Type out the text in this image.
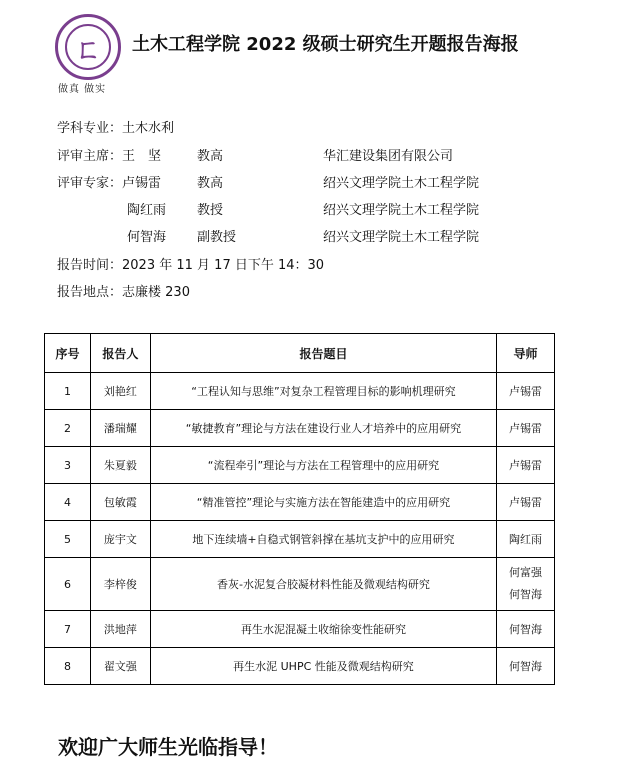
ㄈ
做真 做实
土木工程学院 2022 级硕士研究生开题报告海报
学科专业：土木水利
评审主席：王　坚	教高	华汇建设集团有限公司
评审专家：卢锡雷	教高	绍兴文理学院土木工程学院
陶红雨 教授	绍兴文理学院土木工程学院
何智海 副教授	绍兴文理学院土木工程学院
报告时间：2023 年 11 月 17 日下午 14：30
报告地点：志廉楼 230
序号	报告人	报告题目	导师
1	刘艳红	“工程认知与思维”对复杂工程管理目标的影响机理研究	卢锡雷
2	潘瑞耀	“敏捷教育”理论与方法在建设行业人才培养中的应用研究	卢锡雷
3	朱夏毅	“流程牵引”理论与方法在工程管理中的应用研究	卢锡雷
4	包敏霞	“精准管控”理论与实施方法在智能建造中的应用研究	卢锡雷
5	庞宇文	地下连续墙+自稳式钢管斜撑在基坑支护中的应用研究	陶红雨
6	李梓俊	香灰-水泥复合胶凝材料性能及微观结构研究	何富强
何智海

7	洪地萍	再生水泥混凝土收缩徐变性能研究	何智海
8	翟文强	再生水泥 UHPC 性能及微观结构研究	何智海
欢迎广大师生光临指导！
